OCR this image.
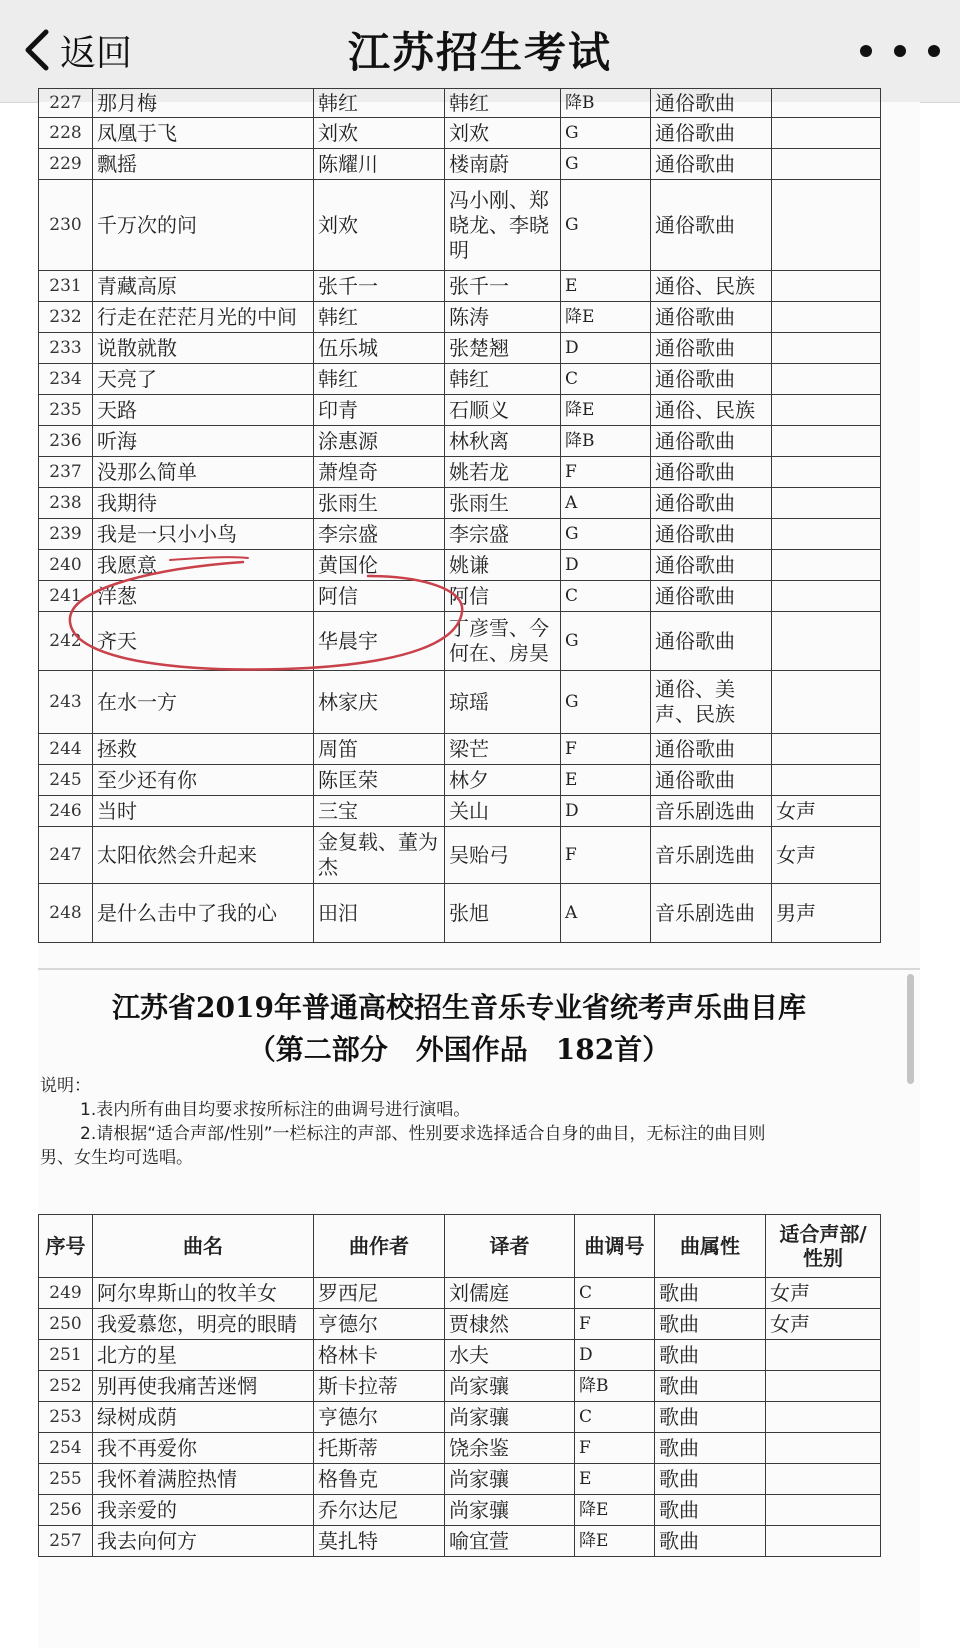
返回	江苏招生考试
227	那月梅	韩红	韩红	降B	通俗歌曲	
228	凤凰于飞	刘欢	刘欢	G	通俗歌曲	
229	飘摇	陈耀川	楼南蔚	G	通俗歌曲	
230	千万次的问	刘欢	冯小刚、郑晓龙、李晓明	G	通俗歌曲	
231	青藏高原	张千一	张千一	E	通俗、民族	
232	行走在茫茫月光的中间	韩红	陈涛	降E	通俗歌曲	
233	说散就散	伍乐城	张楚翘	D	通俗歌曲	
234	天亮了	韩红	韩红	C	通俗歌曲	
235	天路	印青	石顺义	降E	通俗、民族	
236	听海	涂惠源	林秋离	降B	通俗歌曲	
237	没那么简单	萧煌奇	姚若龙	F	通俗歌曲	
238	我期待	张雨生	张雨生	A	通俗歌曲	
239	我是一只小小鸟	李宗盛	李宗盛	G	通俗歌曲	
240	我愿意	黄国伦	姚谦	D	通俗歌曲	
241	洋葱	阿信	阿信	C	通俗歌曲	
242	齐天	华晨宇	丁彦雪、今何在、房昊	G	通俗歌曲	
243	在水一方	林家庆	琼瑶	G	通俗、美声、民族	
244	拯救	周笛	梁芒	F	通俗歌曲	
245	至少还有你	陈匡荣	林夕	E	通俗歌曲	
246	当时	三宝	关山	D	音乐剧选曲	女声
247	太阳依然会升起来	金复载、董为杰	吴贻弓	F	音乐剧选曲	女声
248	是什么击中了我的心	田汨	张旭	A	音乐剧选曲	男声
江苏省2019年普通高校招生音乐专业省统考声乐曲目库
（第二部分　外国作品　182首）
说明：
1.表内所有曲目均要求按所标注的曲调号进行演唱。
2.请根据“适合声部/性别”一栏标注的声部、性别要求选择适合自身的曲目，无标注的曲目则
男、女生均可选唱。
序号	曲名	曲作者	译者	曲调号	曲属性	适合声部/性别
249	阿尔卑斯山的牧羊女	罗西尼	刘儒庭	C	歌曲	女声
250	我爱慕您，明亮的眼睛	亨德尔	贾棣然	F	歌曲	女声
251	北方的星	格林卡	水夫	D	歌曲	
252	别再使我痛苦迷惘	斯卡拉蒂	尚家骧	降B	歌曲	
253	绿树成荫	亨德尔	尚家骧	C	歌曲	
254	我不再爱你	托斯蒂	饶余鉴	F	歌曲	
255	我怀着满腔热情	格鲁克	尚家骧	E	歌曲	
256	我亲爱的	乔尔达尼	尚家骧	降E	歌曲	
257	我去向何方	莫扎特	喻宜萱	降E	歌曲	
